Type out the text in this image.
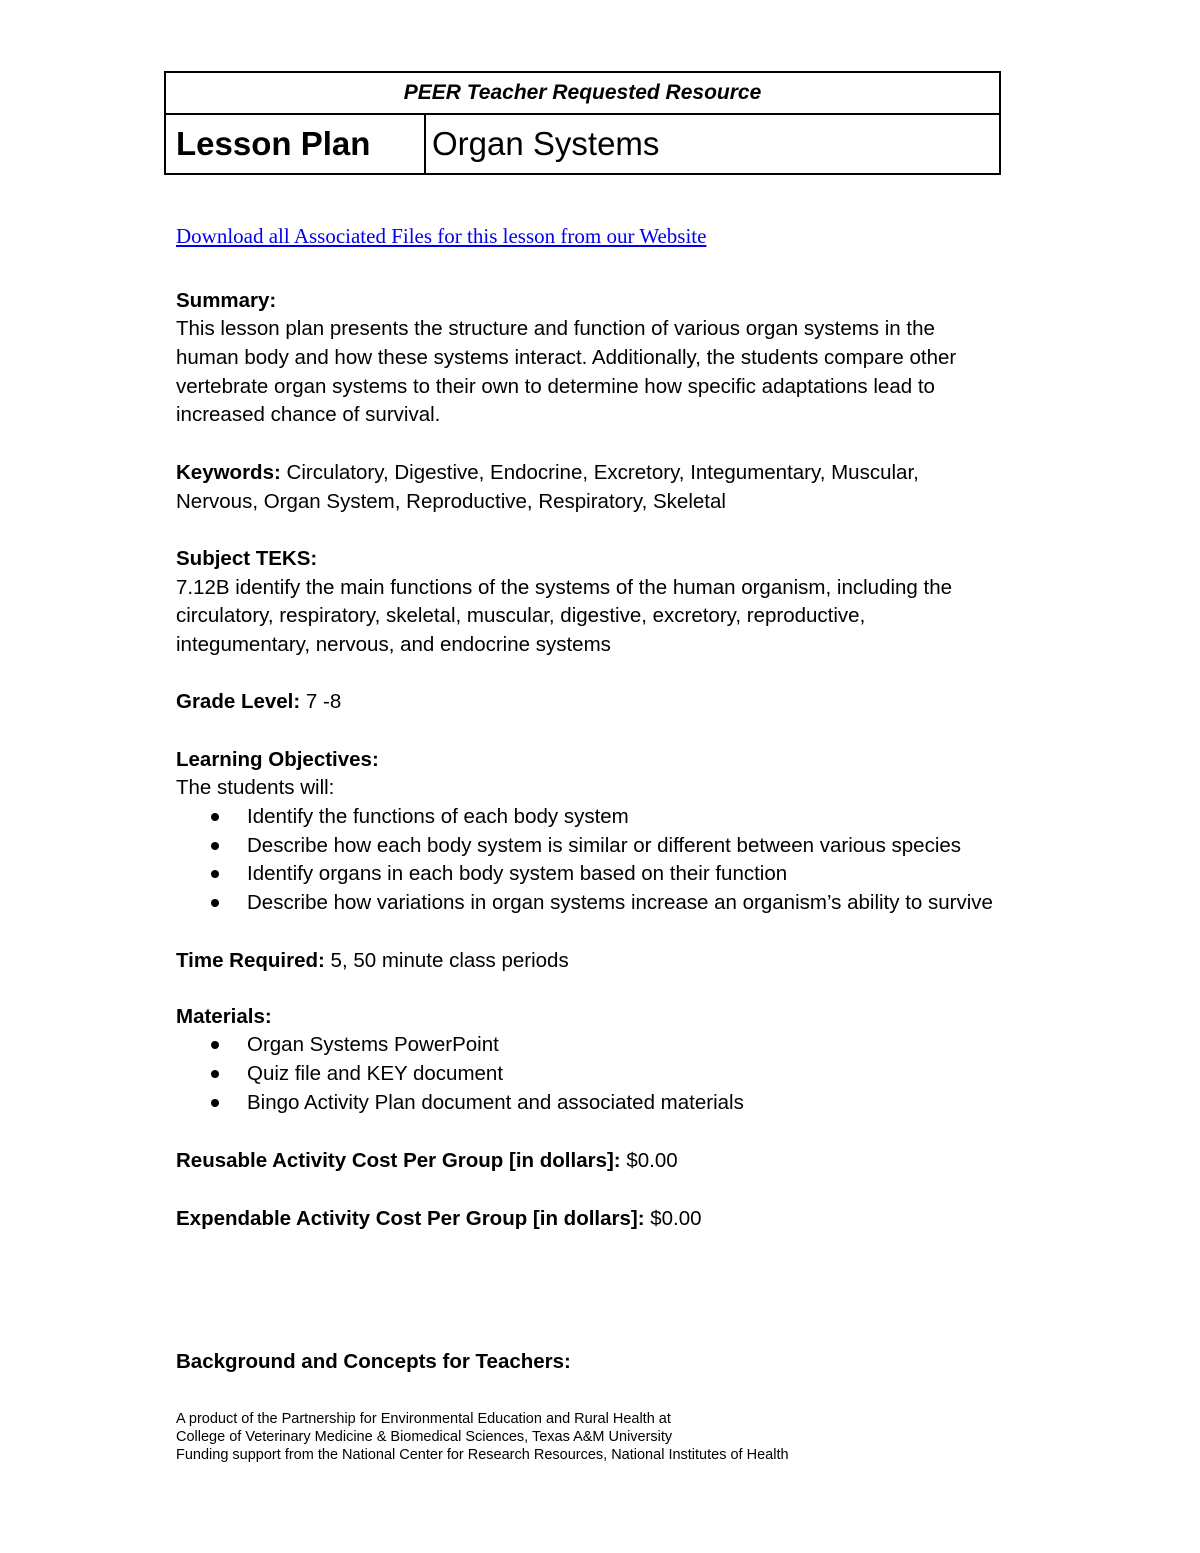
PEER Teacher Requested Resource
Lesson Plan	Organ Systems
Download all Associated Files for this lesson from our Website
Summary:
This lesson plan presents the structure and function of various organ systems in the
human body and how these systems interact. Additionally, the students compare other
vertebrate organ systems to their own to determine how specific adaptations lead to
increased chance of survival.
Keywords: Circulatory, Digestive, Endocrine, Excretory, Integumentary, Muscular,
Nervous, Organ System, Reproductive, Respiratory, Skeletal
Subject TEKS:
7.12B identify the main functions of the systems of the human organism, including the
circulatory, respiratory, skeletal, muscular, digestive, excretory, reproductive,
integumentary, nervous, and endocrine systems
Grade Level: 7 -8
Learning Objectives:
The students will:
Identify the functions of each body system
Describe how each body system is similar or different between various species
Identify organs in each body system based on their function
Describe how variations in organ systems increase an organism’s ability to survive
Time Required: 5, 50 minute class periods
Materials:
Organ Systems PowerPoint
Quiz file and KEY document
Bingo Activity Plan document and associated materials
Reusable Activity Cost Per Group [in dollars]: $0.00
Expendable Activity Cost Per Group [in dollars]: $0.00
Background and Concepts for Teachers:
A product of the Partnership for Environmental Education and Rural Health at
College of Veterinary Medicine & Biomedical Sciences, Texas A&M University
Funding support from the National Center for Research Resources, National Institutes of Health
